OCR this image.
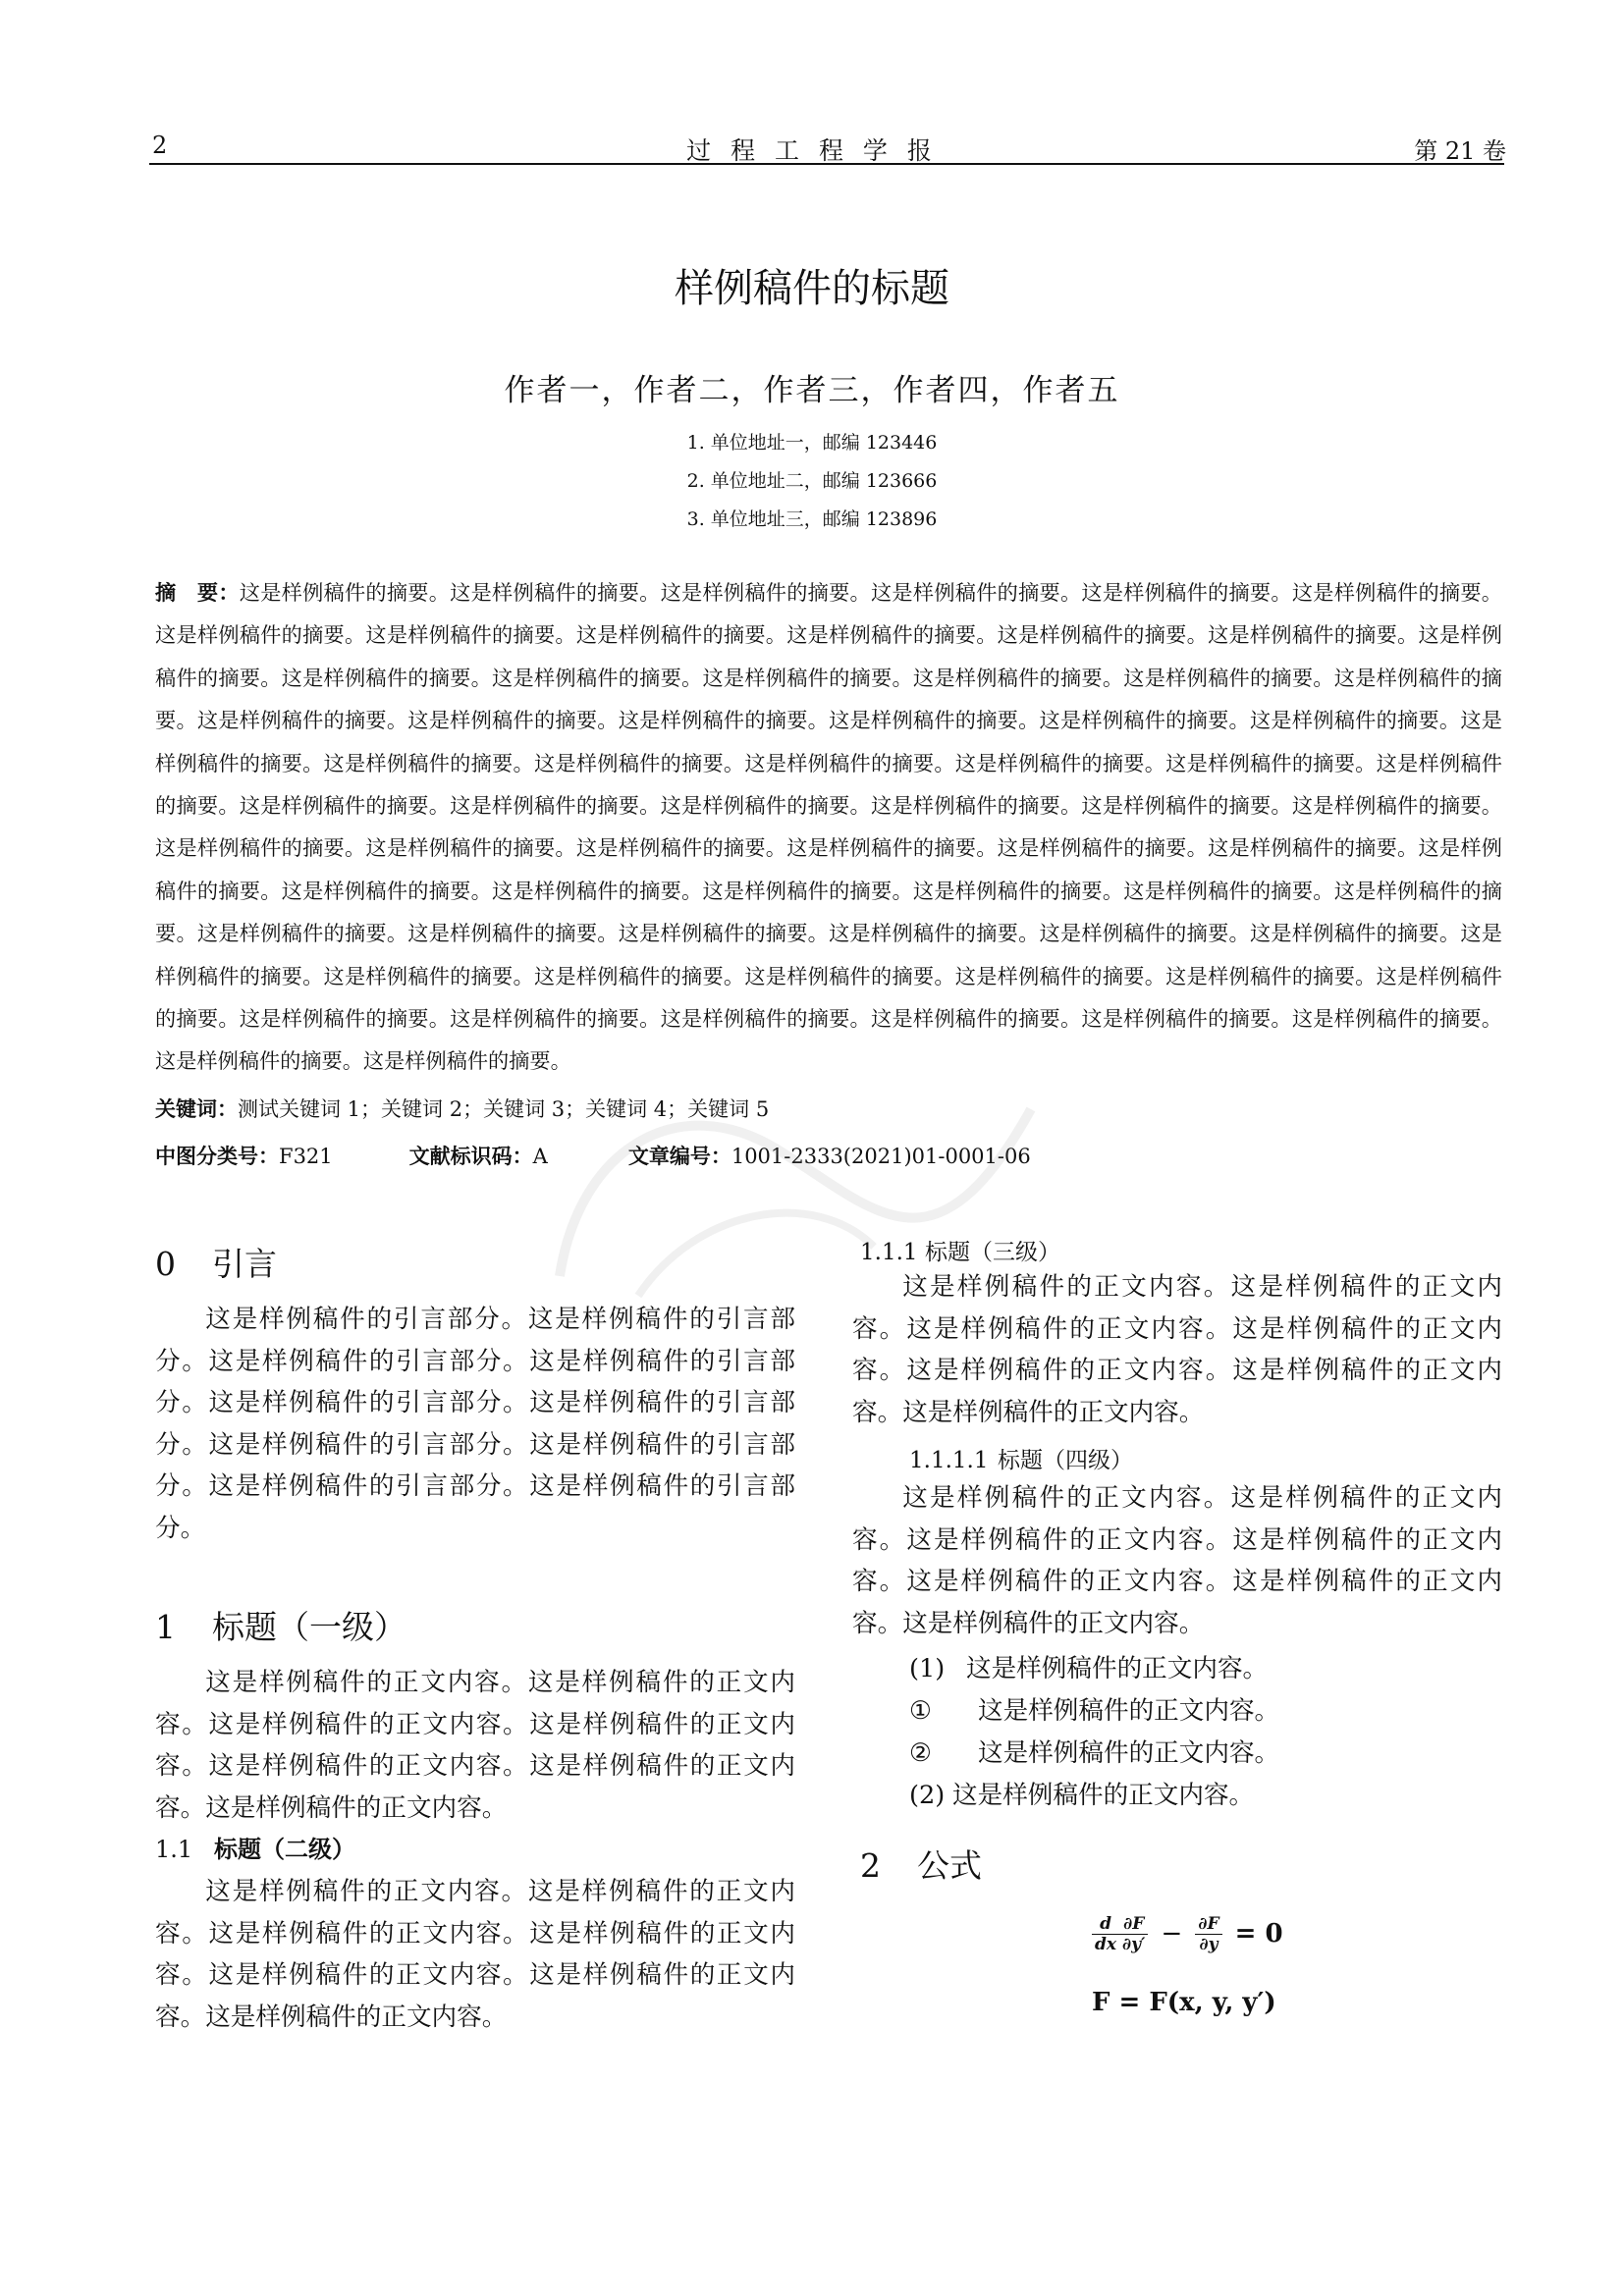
2	过 程 工 程 学 报	第 21 卷
样例稿件的标题
作者一，作者二，作者三，作者四，作者五
1. 单位地址一，邮编 123446
2. 单位地址二，邮编 123666
3. 单位地址三，邮编 123896

摘　要：这是样例稿件的摘要。这是样例稿件的摘要。这是样例稿件的摘要。这是样例稿件的摘要。这是样例稿件的摘要。这是样例稿件的摘要。这是样例稿件的摘要。这是样例稿件的摘要。这是样例稿件的摘要。这是样例稿件的摘要。这是样例稿件的摘要。这是样例稿件的摘要。这是样例稿件的摘要。这是样例稿件的摘要。这是样例稿件的摘要。这是样例稿件的摘要。这是样例稿件的摘要。这是样例稿件的摘要。这是样例稿件的摘要。这是样例稿件的摘要。这是样例稿件的摘要。这是样例稿件的摘要。这是样例稿件的摘要。这是样例稿件的摘要。这是样例稿件的摘要。这是样例稿件的摘要。这是样例稿件的摘要。这是样例稿件的摘要。这是样例稿件的摘要。这是样例稿件的摘要。这是样例稿件的摘要。这是样例稿件的摘要。这是样例稿件的摘要。这是样例稿件的摘要。这是样例稿件的摘要。这是样例稿件的摘要。这是样例稿件的摘要。这是样例稿件的摘要。这是样例稿件的摘要。这是样例稿件的摘要。这是样例稿件的摘要。这是样例稿件的摘要。这是样例稿件的摘要。这是样例稿件的摘要。这是样例稿件的摘要。这是样例稿件的摘要。这是样例稿件的摘要。这是样例稿件的摘要。这是样例稿件的摘要。这是样例稿件的摘要。这是样例稿件的摘要。这是样例稿件的摘要。这是样例稿件的摘要。这是样例稿件的摘要。这是样例稿件的摘要。这是样例稿件的摘要。这是样例稿件的摘要。这是样例稿件的摘要。这是样例稿件的摘要。这是样例稿件的摘要。这是样例稿件的摘要。这是样例稿件的摘要。这是样例稿件的摘要。这是样例稿件的摘要。这是样例稿件的摘要。这是样例稿件的摘要。这是样例稿件的摘要。这是样例稿件的摘要。这是样例稿件的摘要。这是样例稿件的摘要。这是样例稿件的摘要。这是样例稿件的摘要。

关键词：测试关键词 1；关键词 2；关键词 3；关键词 4；关键词 5
中图分类号：F321	文献标识码：A	文章编号：1001-2333(2021)01-0001-06
0 引言

这是样例稿件的引言部分。这是样例稿件的引言部分。这是样例稿件的引言部分。这是样例稿件的引言部分。这是样例稿件的引言部分。这是样例稿件的引言部分。这是样例稿件的引言部分。这是样例稿件的引言部分。这是样例稿件的引言部分。这是样例稿件的引言部分。

1 标题（一级）

这是样例稿件的正文内容。这是样例稿件的正文内容。这是样例稿件的正文内容。这是样例稿件的正文内容。这是样例稿件的正文内容。这是样例稿件的正文内容。这是样例稿件的正文内容。

1.1 标题（二级）

这是样例稿件的正文内容。这是样例稿件的正文内容。这是样例稿件的正文内容。这是样例稿件的正文内容。这是样例稿件的正文内容。这是样例稿件的正文内容。这是样例稿件的正文内容。

1.1.1 标题（三级）

这是样例稿件的正文内容。这是样例稿件的正文内容。这是样例稿件的正文内容。这是样例稿件的正文内容。这是样例稿件的正文内容。这是样例稿件的正文内容。这是样例稿件的正文内容。

1.1.1.1 标题（四级）

这是样例稿件的正文内容。这是样例稿件的正文内容。这是样例稿件的正文内容。这是样例稿件的正文内容。这是样例稿件的正文内容。这是样例稿件的正文内容。这是样例稿件的正文内容。

(1) 这是样例稿件的正文内容。
① 这是样例稿件的正文内容。
② 这是样例稿件的正文内容。
(2) 这是样例稿件的正文内容。
2 公式
$\frac{d}{dx} \frac{\partial F}{\partial y'} - \frac{\partial F}{\partial y} = 0$
F = F(x, y, y′)
